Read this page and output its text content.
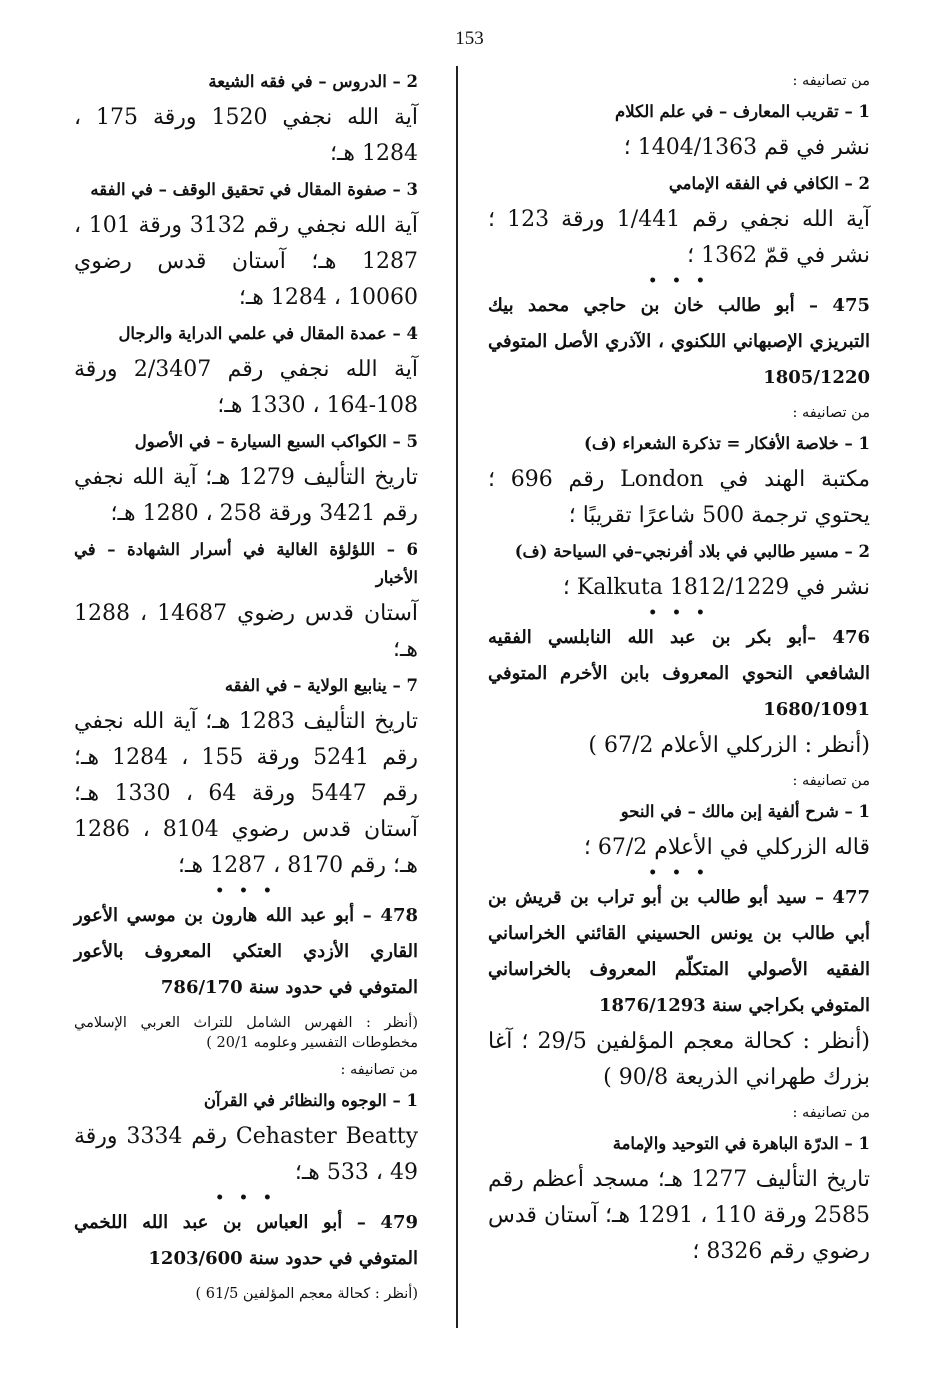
153

من تصانيفه :

1 – تقريب المعارف – في علم الكلام

نشر في قم 1404/1363 ؛

2 – الكافي في الفقه الإمامي

آية الله نجفي رقم 1/441 ورقة 123 ؛ نشر في قمّ 1362 ؛

• • •

475 – أبو طالب خان بن حاجي محمد بيك التبريزي الإصبهاني اللكنوي ، الآذري الأصل المتوفي 1805/1220

من تصانيفه :

1 – خلاصة الأفكار = تذكرة الشعراء (ف)

مكتبة الهند في London رقم 696 ؛ يحتوي ترجمة 500 شاعرًا تقريبًا ؛

2 – مسير طالبي في بلاد أفرنجي–في السياحة (ف)

نشر في 1812/1229 Kalkuta ؛

• • •

476 –أبو بكر بن عبد الله النابلسي الفقيه الشافعي النحوي المعروف بابن الأخرم المتوفي 1680/1091

(أنظر : الزركلي الأعلام 67/2 )

من تصانيفه :

1 – شرح ألفية إبن مالك – في النحو

قاله الزركلي في الأعلام 67/2 ؛

• • •

477 – سيد أبو طالب بن أبو تراب بن قريش بن أبي طالب بن يونس الحسيني القائني الخراساني الفقيه الأصولي المتكلّم المعروف بالخراساني المتوفي بكراجي سنة 1876/1293

(أنظر : كحالة معجم المؤلفين 29/5 ؛ آغا بزرك طهراني الذريعة 90/8 )

من تصانيفه :

1 – الدرّة الباهرة في التوحيد والإمامة

تاريخ التأليف 1277 هـ؛ مسجد أعظم رقم 2585 ورقة 110 ، 1291 هـ؛ آستان قدس رضوي رقم 8326 ؛

2 – الدروس – في فقه الشيعة

آية الله نجفي 1520 ورقة 175 ، 1284 هـ؛

3 – صفوة المقال في تحقيق الوقف – في الفقه

آية الله نجفي رقم 3132 ورقة 101 ، 1287 هـ؛ آستان قدس رضوي 10060 ، 1284 هـ؛

4 – عمدة المقال في علمي الدراية والرجال

آية الله نجفي رقم 2/3407 ورقة 108-164 ، 1330 هـ؛

5 – الكواكب السبع السيارة – في الأصول

تاريخ التأليف 1279 هـ؛ آية الله نجفي رقم 3421 ورقة 258 ، 1280 هـ؛

6 – اللؤلؤة الغالية في أسرار الشهادة – في الأخبار

آستان قدس رضوي 14687 ، 1288 هـ؛

7 – ينابيع الولاية – في الفقه

تاريخ التأليف 1283 هـ؛ آية الله نجفي رقم 5241 ورقة 155 ، 1284 هـ؛ رقم 5447 ورقة 64 ، 1330 هـ؛ آستان قدس رضوي 8104 ، 1286 هـ؛ رقم 8170 ، 1287 هـ؛

• • •

478 – أبو عبد الله هارون بن موسي الأعور القاري الأزدي العتكي المعروف بالأعور المتوفي في حدود سنة 786/170

(أنظر : الفهرس الشامل للتراث العربي الإسلامي مخطوطات التفسير وعلومه 20/1 )

من تصانيفه :

1 – الوجوه والنظائر في القرآن

Cehaster Beatty رقم 3334 ورقة 49 ، 533 هـ؛

• • •

479 – أبو العباس بن عبد الله اللخمي المتوفي في حدود سنة 1203/600

(أنظر : كحالة معجم المؤلفين 61/5 )
